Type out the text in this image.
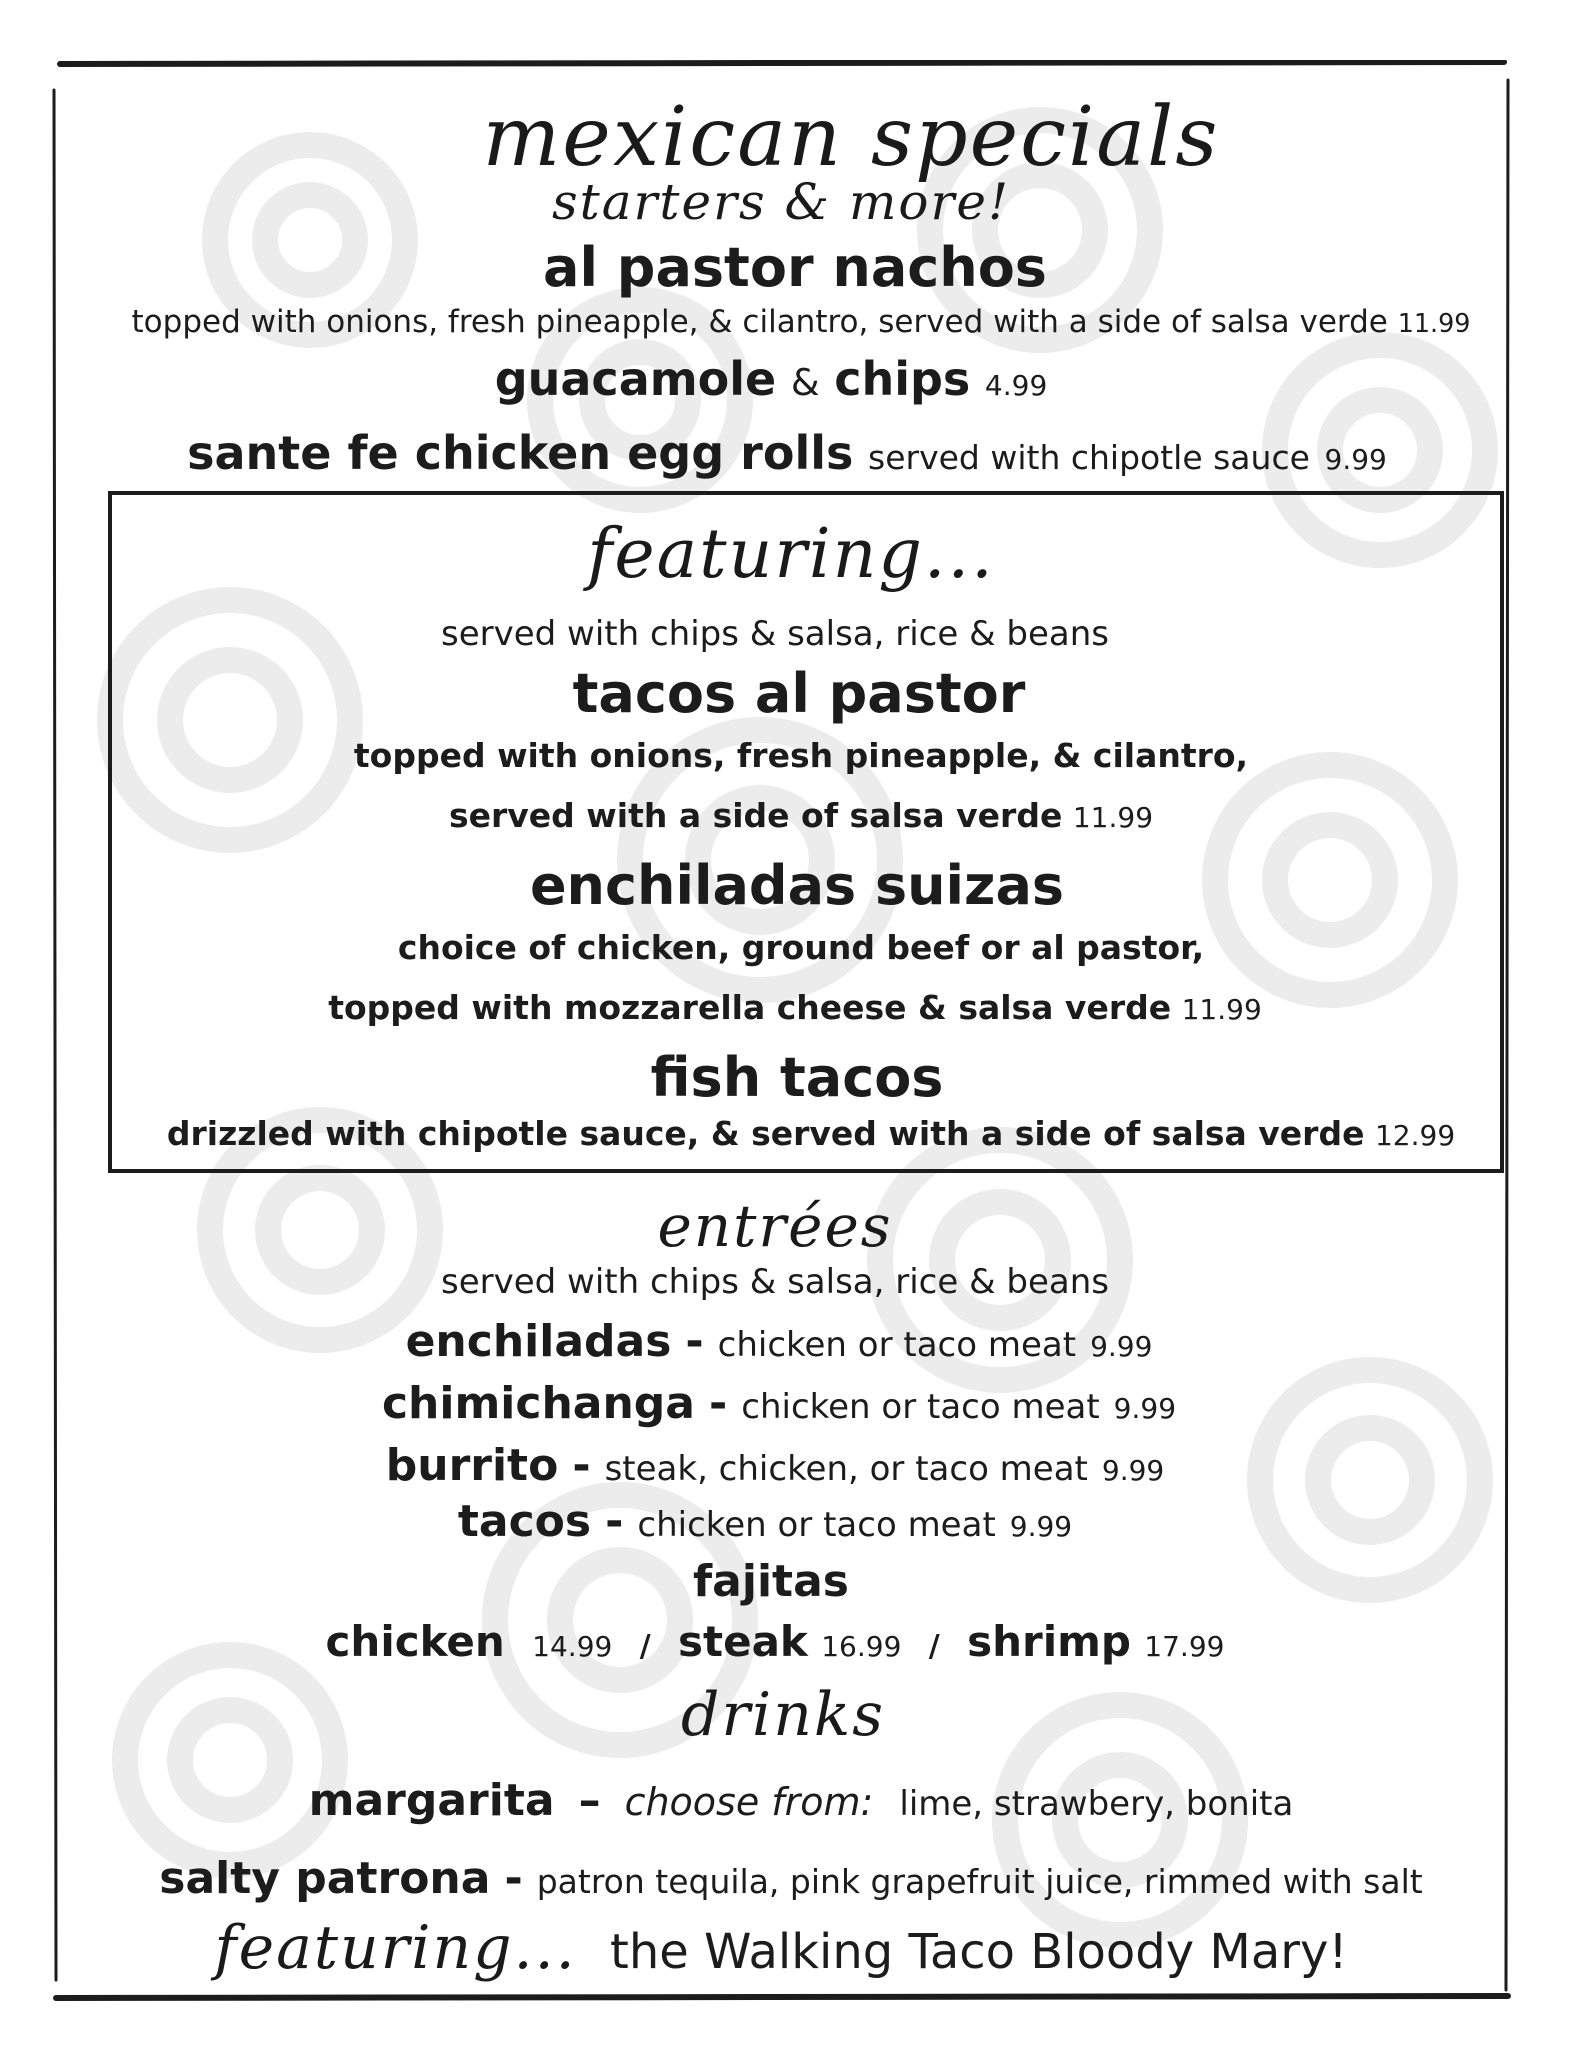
mexican specials
starters & more!
al pastor nachos
topped with onions, fresh pineapple, & cilantro, served with a side of salsa verde 11.99
guacamole & chips 4.99
sante fe chicken egg rolls served with chipotle sauce 9.99
featuring...
served with chips & salsa, rice & beans
tacos al pastor
topped with onions, fresh pineapple, & cilantro,
served with a side of salsa verde 11.99
enchiladas suizas
choice of chicken, ground beef or al pastor,
topped with mozzarella cheese & salsa verde 11.99
fish tacos
drizzled with chipotle sauce, & served with a side of salsa verde 12.99
entrées
served with chips & salsa, rice & beans
enchiladas - chicken or taco meat 9.99
chimichanga - chicken or taco meat 9.99
burrito - steak, chicken, or taco meat 9.99
tacos - chicken or taco meat 9.99
fajitas
chicken 14.99 / steak 16.99 / shrimp 17.99
drinks
margarita – choose from: lime, strawbery, bonita
salty patrona - patron tequila, pink grapefruit juice, rimmed with salt
featuring... the Walking Taco Bloody Mary!
